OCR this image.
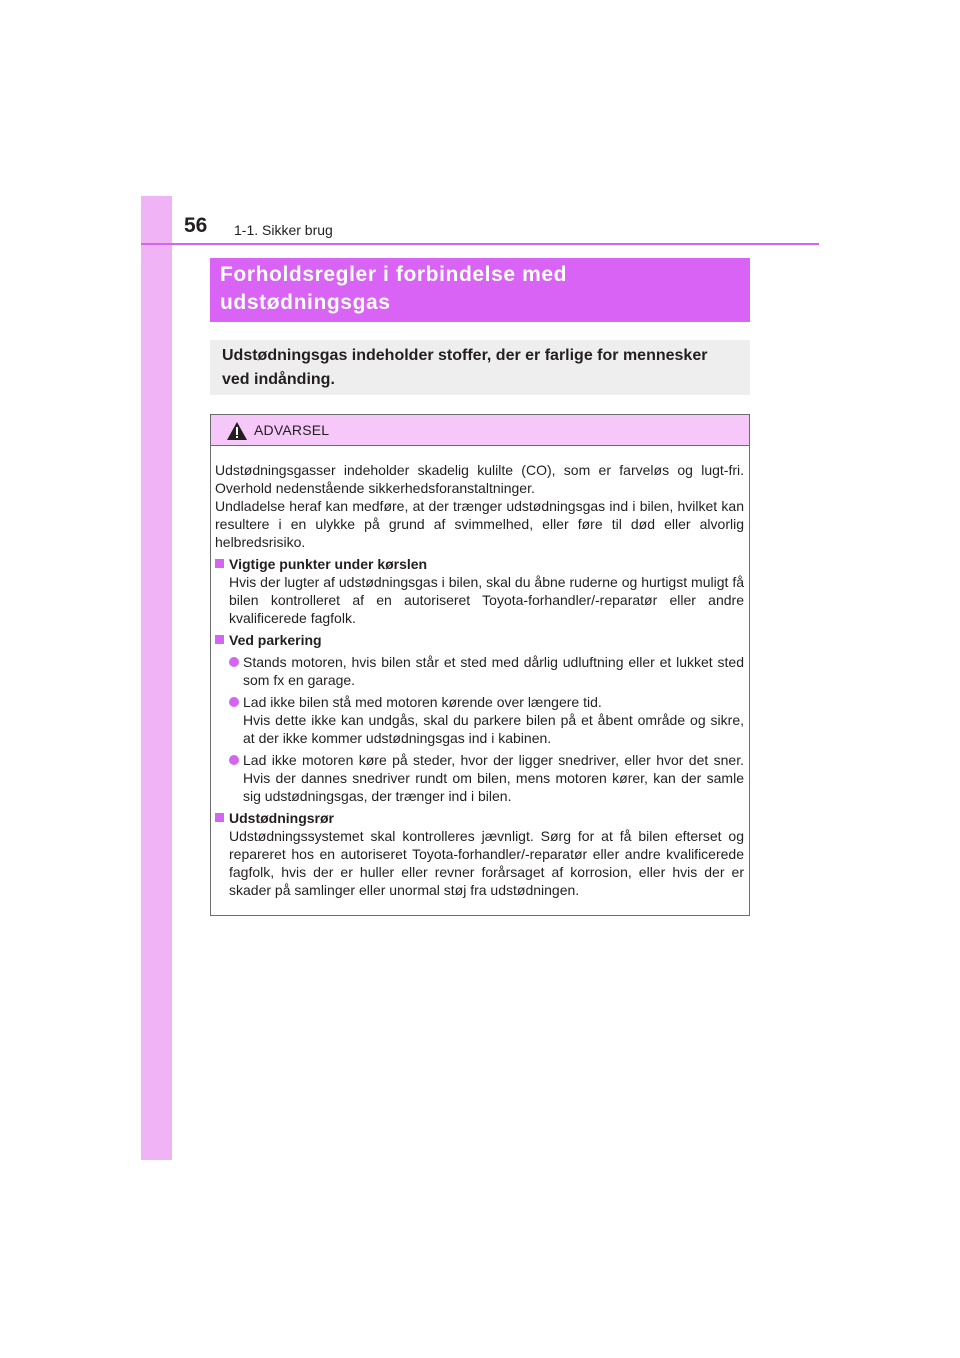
56 1-1. Sikker brug
Forholdsregler i forbindelse med
udstødningsgas
Udstødningsgas indeholder stoffer, der er farlige for mennesker
ved indånding.
ADVARSEL

Udstødningsgasser indeholder skadelig kulilte (CO), som er farveløs og lugt-fri. Overhold nedenstående sikkerhedsforanstaltninger.

Undladelse heraf kan medføre, at der trænger udstødningsgas ind i bilen, hvilket kan resultere i en ulykke på grund af svimmelhed, eller føre til død eller alvorlig helbredsrisiko.

Vigtige punkter under kørslen

Hvis der lugter af udstødningsgas i bilen, skal du åbne ruderne og hurtigst muligt få bilen kontrolleret af en autoriseret Toyota-forhandler/-reparatør eller andre kvalificerede fagfolk.

Ved parkering
Stands motoren, hvis bilen står et sted med dårlig udluftning eller et lukket sted som fx en garage.
Lad ikke bilen stå med motoren kørende over længere tid.
Hvis dette ikke kan undgås, skal du parkere bilen på et åbent område og sikre, at der ikke kommer udstødningsgas ind i kabinen.
Lad ikke motoren køre på steder, hvor der ligger snedriver, eller hvor det sner. Hvis der dannes snedriver rundt om bilen, mens motoren kører, kan der samle sig udstødningsgas, der trænger ind i bilen.
Udstødningsrør

Udstødningssystemet skal kontrolleres jævnligt. Sørg for at få bilen efterset og repareret hos en autoriseret Toyota-forhandler/-reparatør eller andre kvalificerede fagfolk, hvis der er huller eller revner forårsaget af korrosion, eller hvis der er skader på samlinger eller unormal støj fra udstødningen.
